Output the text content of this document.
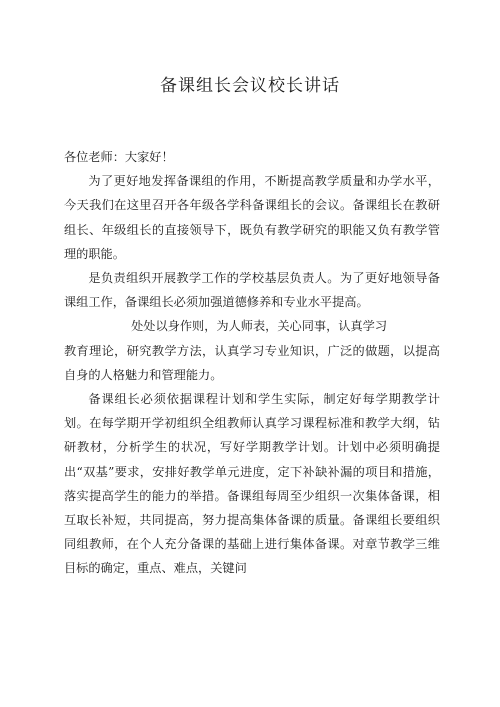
备课组长会议校长讲话

各位老师：大家好！

为了更好地发挥备课组的作用，不断提高教学质量和办学水平，今天我们在这里召开各年级各学科备课组长的会议。备课组长在教研组长、年级组长的直接领导下，既负有教学研究的职能又负有教学管理的职能。

是负责组织开展教学工作的学校基层负责人。为了更好地领导备课组工作，备课组长必须加强道德修养和专业水平提高。

处处以身作则，为人师表，关心同事，认真学习

教育理论，研究教学方法，认真学习专业知识，广泛的做题，以提高自身的人格魅力和管理能力。

备课组长必须依据课程计划和学生实际，制定好每学期教学计划。在每学期开学初组织全组教师认真学习课程标准和教学大纲，钻研教材，分析学生的状况，写好学期教学计划。计划中必须明确提出“双基”要求，安排好教学单元进度，定下补缺补漏的项目和措施，落实提高学生的能力的举措。备课组每周至少组织一次集体备课，相互取长补短，共同提高，努力提高集体备课的质量。备课组长要组织同组教师，在个人充分备课的基础上进行集体备课。对章节教学三维目标的确定，重点、难点，关键问
